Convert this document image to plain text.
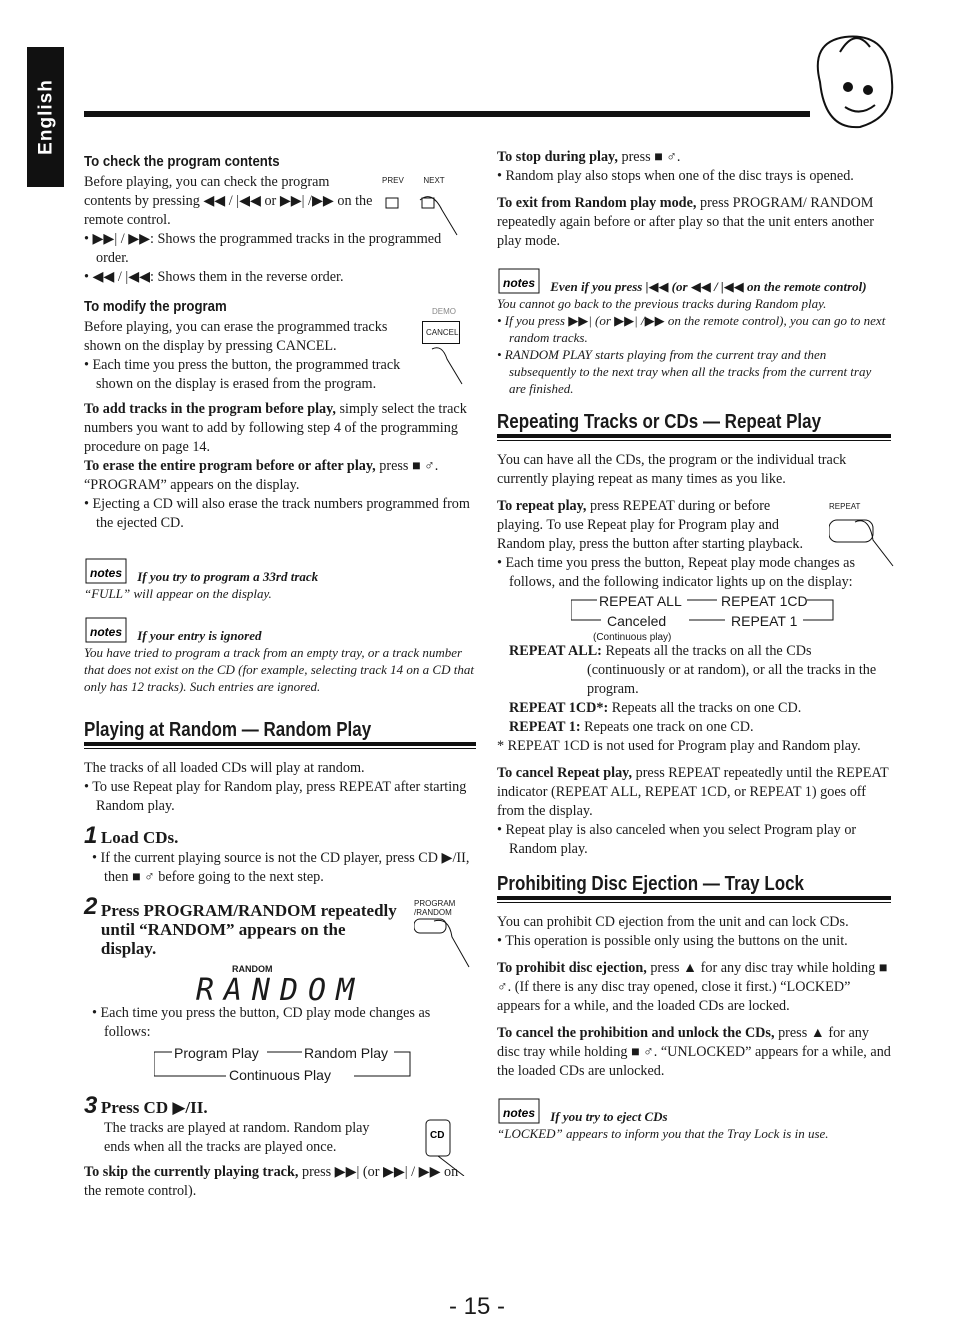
English
To check the program contents

Before playing, you can check the program contents by pressing ◀◀ / |◀◀ or ▶▶| /▶▶ on the remote control.

• ▶▶| / ▶▶: Shows the programmed tracks in the programmed order.

• ◀◀ / |◀◀: Shows them in the reverse order.

PREV NEXT
To modify the program

Before playing, you can erase the programmed tracks shown on the display by pressing CANCEL.

• Each time you press the button, the programmed track shown on the display is erased from the program.

To add tracks in the program before play, simply select the track numbers you want to add by following step 4 of the programming procedure on page 14.

To erase the entire program before or after play, press ■ ♂.

“PROGRAM” appears on the display.

• Ejecting a CD will also erase the track numbers programmed from the ejected CD.

DEMO
CANCEL
notes If you try to program a 33rd track

“FULL” will appear on the display.

notes If your entry is ignored

You have tried to program a track from an empty tray, or a track number that does not exist on the CD (for example, selecting track 14 on a CD that only has 12 tracks). Such entries are ignored.

Playing at Random — Random Play

The tracks of all loaded CDs will play at random.

• To use Repeat play for Random play, press REPEAT after starting Random play.

1 Load CDs.

• If the current playing source is not the CD player, press CD ▶/II, then ■ ♂ before going to the next step.

2 Press PROGRAM/RANDOM repeatedly until “RANDOM” appears on the display.
PROGRAM /RANDOM
RANDOM
RANDOM

• Each time you press the button, CD play mode changes as follows:

Program Play	Random Play
Continuous Play
3 Press CD ▶/II.

The tracks are played at random. Random play ends when all the tracks are played once.

CD

To skip the currently playing track, press ▶▶| (or ▶▶| / ▶▶ on the remote control).

To stop during play, press ■ ♂.

• Random play also stops when one of the disc trays is opened.

To exit from Random play mode, press PROGRAM/ RANDOM repeatedly again before or after play so that the unit enters another play mode.

notes Even if you press |◀◀ (or ◀◀ / |◀◀ on the remote control)

You cannot go back to the previous tracks during Random play.

• If you press ▶▶| (or ▶▶| /▶▶ on the remote control), you can go to next random tracks.

• RANDOM PLAY starts playing from the current tray and then subsequently to the next tray when all the tracks from the current tray are finished.

Repeating Tracks or CDs — Repeat Play

You can have all the CDs, the program or the individual track currently playing repeat as many times as you like.

To repeat play, press REPEAT during or before playing. To use Repeat play for Program play and Random play, press the button after starting playback.

REPEAT

• Each time you press the button, Repeat play mode changes as follows, and the following indicator lights up on the display:

REPEAT ALL	REPEAT 1CD
Canceled	REPEAT 1
(Continuous play)

REPEAT ALL: Repeats all the tracks on all the CDs (continuously or at random), or all the tracks in the program.

REPEAT 1CD*: Repeats all the tracks on one CD.

REPEAT 1: Repeats one track on one CD.

* REPEAT 1CD is not used for Program play and Random play.

To cancel Repeat play, press REPEAT repeatedly until the REPEAT indicator (REPEAT ALL, REPEAT 1CD, or REPEAT 1) goes off from the display.

• Repeat play is also canceled when you select Program play or Random play.

Prohibiting Disc Ejection — Tray Lock

You can prohibit CD ejection from the unit and can lock CDs.

• This operation is possible only using the buttons on the unit.

To prohibit disc ejection, press ▲ for any disc tray while holding ■ ♂. (If there is any disc tray opened, close it first.) “LOCKED” appears for a while, and the loaded CDs are locked.

To cancel the prohibition and unlock the CDs, press ▲ for any disc tray while holding ■ ♂. “UNLOCKED” appears for a while, and the loaded CDs are unlocked.

notes If you try to eject CDs

“LOCKED” appears to inform you that the Tray Lock is in use.

- 15 -
